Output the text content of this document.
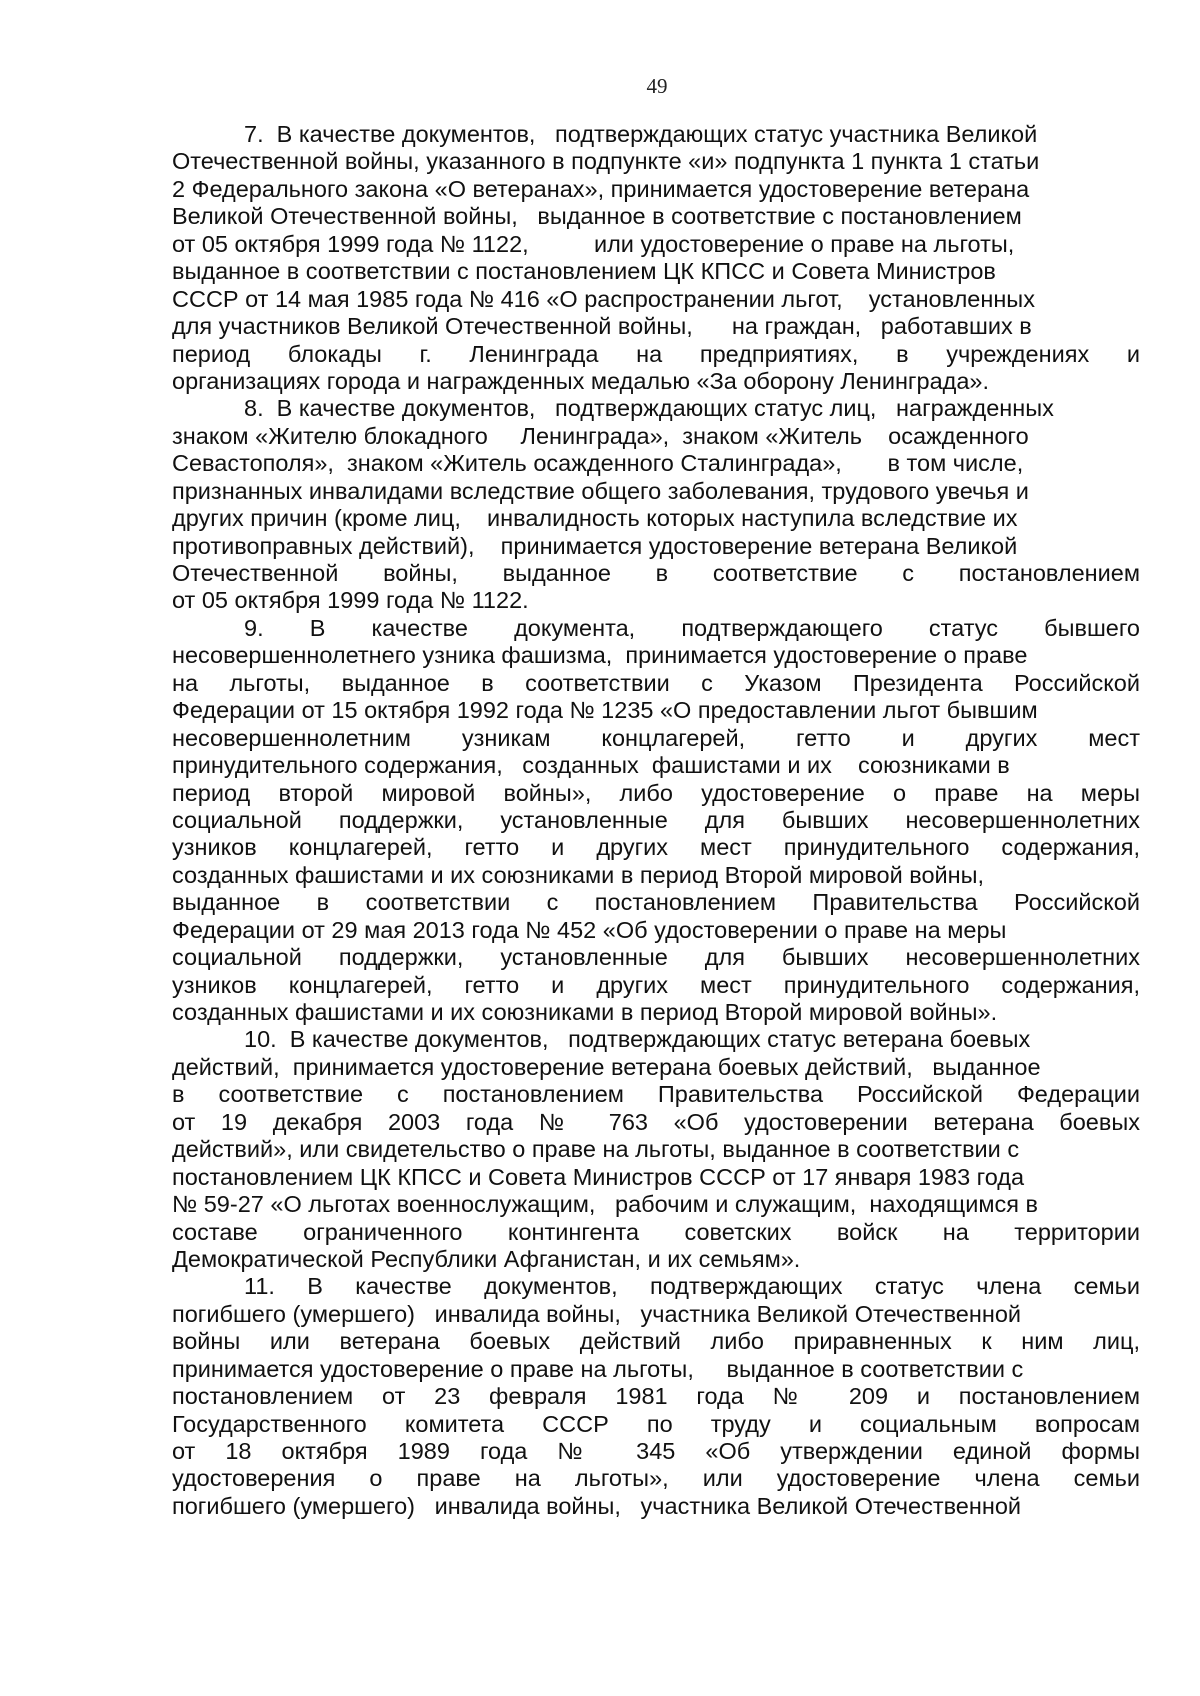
49
7.  В качестве документов,   подтверждающих статус участника Великой
Отечественной войны, указанного в подпункте «и» подпункта 1 пункта 1 статьи
2 Федерального закона «О ветеранах», принимается удостоверение ветерана
Великой Отечественной войны,   выданное в соответствие с постановлением
от 05 октября 1999 года № 1122,          или удостоверение о праве на льготы,
выданное в соответствии с постановлением ЦК КПСС и Совета Министров
СССР от 14 мая 1985 года № 416 «О распространении льгот,    установленных
для участников Великой Отечественной войны,      на граждан,   работавших в
период блокады г. Ленинграда на предприятиях, в учреждениях и
организациях города и награжденных медалью «За оборону Ленинграда».
8.  В качестве документов,   подтверждающих статус лиц,   награжденных
знаком «Жителю блокадного     Ленинграда»,  знаком «Житель    осажденного
Севастополя»,  знаком «Житель осажденного Сталинграда»,       в том числе,
признанных инвалидами вследствие общего заболевания, трудового увечья и
других причин (кроме лиц,    инвалидность которых наступила вследствие их
противоправных действий),    принимается удостоверение ветерана Великой
Отечественной войны, выданное в соответствие с постановлением
от 05 октября 1999 года № 1122.
9. В качестве документа, подтверждающего статус бывшего
несовершеннолетнего узника фашизма,  принимается удостоверение о праве
на льготы, выданное в соответствии с Указом Президента Российской
Федерации от 15 октября 1992 года № 1235 «О предоставлении льгот бывшим
несовершеннолетним узникам концлагерей, гетто и других мест
принудительного содержания,   созданных  фашистами и их    союзниками в
период второй мировой войны», либо удостоверение о праве на меры
социальной поддержки, установленные для бывших несовершеннолетних
узников концлагерей, гетто и других мест принудительного содержания,
созданных фашистами и их союзниками в период Второй мировой войны,
выданное в соответствии с постановлением Правительства Российской
Федерации от 29 мая 2013 года № 452 «Об удостоверении о праве на меры
социальной поддержки, установленные для бывших несовершеннолетних
узников концлагерей, гетто и других мест принудительного содержания,
созданных фашистами и их союзниками в период Второй мировой войны».
10.  В качестве документов,   подтверждающих статус ветерана боевых
действий,  принимается удостоверение ветерана боевых действий,   выданное
в соответствие с постановлением Правительства Российской Федерации
от 19 декабря 2003 года № 763 «Об удостоверении ветерана боевых
действий», или свидетельство о праве на льготы, выданное в соответствии с
постановлением ЦК КПСС и Совета Министров СССР от 17 января 1983 года
№ 59-27 «О льготах военнослужащим,   рабочим и служащим,  находящимся в
составе ограниченного контингента советских войск на территории
Демократической Республики Афганистан, и их семьям».
11. В качестве документов, подтверждающих статус члена семьи
погибшего (умершего)   инвалида войны,   участника Великой Отечественной
войны или ветерана боевых действий либо приравненных к ним лиц,
принимается удостоверение о праве на льготы,     выданное в соответствии с
постановлением от 23 февраля 1981 года № 209 и постановлением
Государственного комитета СССР по труду и социальным вопросам
от 18 октября 1989 года № 345 «Об утверждении единой формы
удостоверения о праве на льготы», или удостоверение члена семьи
погибшего (умершего)   инвалида войны,   участника Великой Отечественной
